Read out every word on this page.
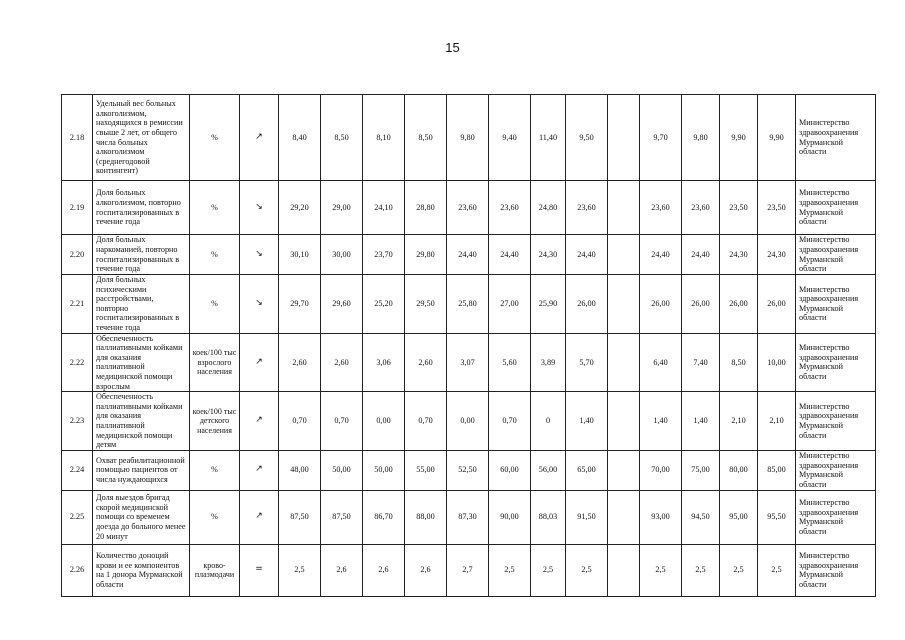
15
2.18	Удельный вес больных алкоголизмом, находящихся в ремиссии свыше 2 лет, от общего числа больных алкоголизмом (среднегодовой контингент)	%	↗	8,40	8,50	8,10	8,50	9,80	9,40	11,40	9,50		9,70	9,80	9,90	9,90	Министерство здравоохранения Мурманской области
2.19	Доля больных алкоголизмом, повторно госпитализированных в течение года	%	↘	29,20	29,00	24,10	28,80	23,60	23,60	24,80	23,60		23,60	23,60	23,50	23,50	Министерство здравоохранения Мурманской области
2.20	Доля больных наркоманией, повторно госпитализированных в течение года	%	↘	30,10	30,00	23,70	29,80	24,40	24,40	24,30	24,40		24,40	24,40	24,30	24,30	Министерство здравоохранения Мурманской области
2.21	Доля больных психическими расстройствами, повторно госпитализированных в течение года	%	↘	29,70	29,60	25,20	29,50	25,80	27,00	25,90	26,00		26,00	26,00	26,00	26,00	Министерство здравоохранения Мурманской области
2.22	Обеспеченность паллиативными койками для оказания паллиативной медицинской помощи взрослым	коек/100 тыс взрослого населения	↗	2,60	2,60	3,06	2,60	3,07	5,60	3,89	5,70		6,40	7,40	8,50	10,00	Министерство здравоохранения Мурманской области
2.23	Обеспеченность паллиативными койками для оказания паллиативной медицинской помощи детям	коек/100 тыс детского населения	↗	0,70	0,70	0,00	0,70	0,00	0,70	0	1,40		1,40	1,40	2,10	2,10	Министерство здравоохранения Мурманской области
2.24	Охват реабилитационной помощью пациентов от числа нуждающихся	%	↗	48,00	50,00	50,00	55,00	52,50	60,00	56,00	65,00		70,00	75,00	80,00	85,00	Министерство здравоохранения Мурманской области
2.25	Доля выездов бригад скорой медицинской помощи со временем доезда до больного менее 20 минут	%	↗	87,50	87,50	86,70	88,00	87,30	90,00	88,03	91,50		93,00	94,50	95,00	95,50	Министерство здравоохранения Мурманской области
2.26	Количество доноций крови и ее компонентов на 1 донора Мурманской области	крово-плазмодачи	=	2,5	2,6	2,6	2,6	2,7	2,5	2,5	2,5		2,5	2,5	2,5	2,5	Министерство здравоохранения Мурманской области
